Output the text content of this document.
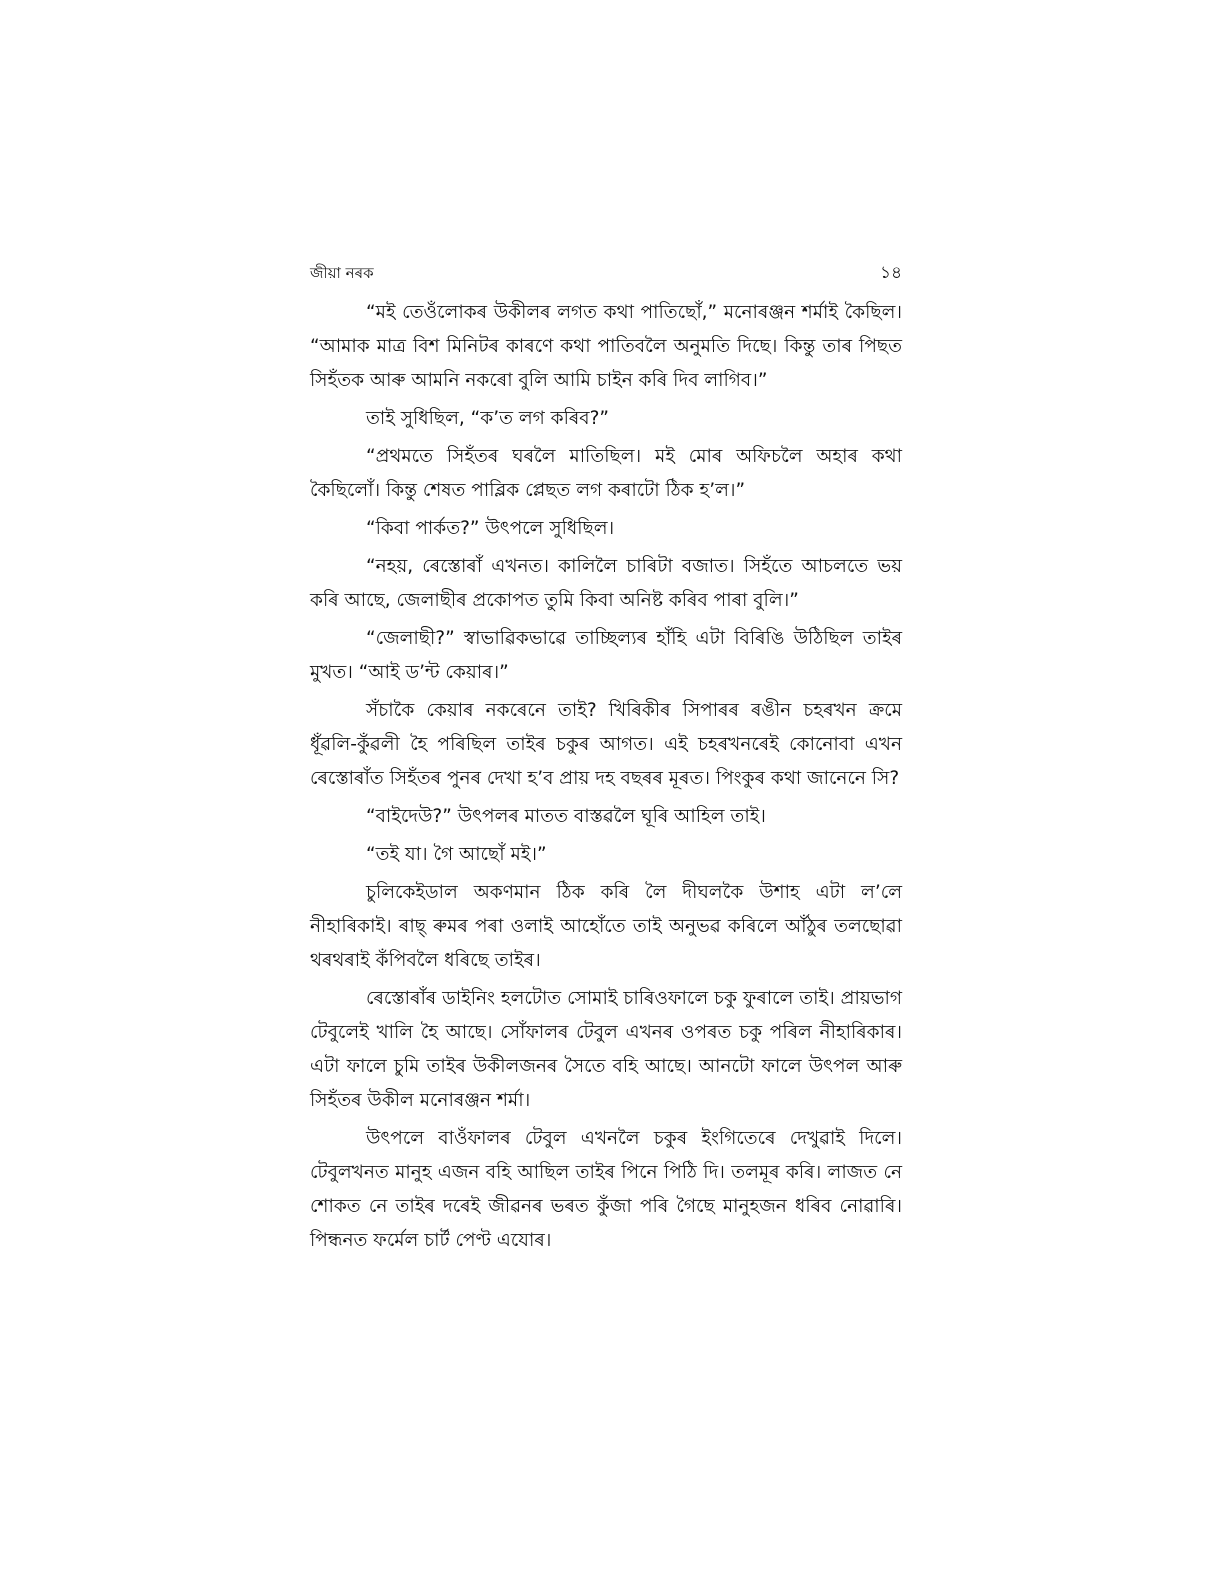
জীয়া নৰক	১৪

“মই তেওঁলোকৰ উকীলৰ লগত কথা পাতিছোঁ,” মনোৰঞ্জন শৰ্মাই কৈছিল। “আমাক মাত্ৰ বিশ মিনিটৰ কাৰণে কথা পাতিবলৈ অনুমতি দিছে। কিন্তু তাৰ পিছত সিহঁতক আৰু আমনি নকৰো বুলি আমি চাইন কৰি দিব লাগিব।”

তাই সুধিছিল, “ক’ত লগ কৰিব?”

“প্ৰথমতে সিহঁতৰ ঘৰলৈ মাতিছিল। মই মোৰ অফিচলৈ অহাৰ কথা কৈছিলোঁ। কিন্তু শেষত পাব্লিক প্লেছত লগ কৰাটো ঠিক হ’ল।”

“কিবা পাৰ্কত?” উৎপলে সুধিছিল।

“নহয়, ৰেস্তোৰাঁ এখনত। কালিলৈ চাৰিটা বজাত। সিহঁতে আচলতে ভয় কৰি আছে, জেলাছীৰ প্ৰকোপত তুমি কিবা অনিষ্ট কৰিব পাৰা বুলি।”

“জেলাছী?” স্বাভাৱিকভাৱে তাচ্ছিল্যৰ হাঁহি এটা বিৰিঙি উঠিছিল তাইৰ মুখত। “আই ড’ন্ট কেয়াৰ।”

সঁচাকৈ কেয়াৰ নকৰেনে তাই? খিৰিকীৰ সিপাৰৰ ৰঙীন চহৰখন ক্ৰমে ধূঁৱলি-কুঁৱলী হৈ পৰিছিল তাইৰ চকুৰ আগত। এই চহৰখনৰেই কোনোবা এখন ৰেস্তোৰাঁত সিহঁতৰ পুনৰ দেখা হ’ব প্ৰায় দহ বছৰৰ মূৰত। পিংকুৰ কথা জানেনে সি?

“বাইদেউ?” উৎপলৰ মাতত বাস্তৱলৈ ঘূৰি আহিল তাই।

“তই যা। গৈ আছোঁ মই।”

চুলিকেইডাল অকণমান ঠিক কৰি লৈ দীঘলকৈ উশাহ এটা ল’লে নীহাৰিকাই। ৰাছ্ ৰুমৰ পৰা ওলাই আহোঁতে তাই অনুভৱ কৰিলে আঁঠুৰ তলছোৱা থৰথৰাই কঁপিবলৈ ধৰিছে তাইৰ।

ৰেস্তোৰাঁৰ ডাইনিং হলটোত সোমাই চাৰিওফালে চকু ফুৰালে তাই। প্ৰায়ভাগ টেবুলেই খালি হৈ আছে। সোঁফালৰ টেবুল এখনৰ ওপৰত চকু পৰিল নীহাৰিকাৰ। এটা ফালে চুমি তাইৰ উকীলজনৰ সৈতে বহি আছে। আনটো ফালে উৎপল আৰু সিহঁতৰ উকীল মনোৰঞ্জন শৰ্মা।

উৎপলে বাওঁফালৰ টেবুল এখনলৈ চকুৰ ইংগিতেৰে দেখুৱাই দিলে। টেবুলখনত মানুহ এজন বহি আছিল তাইৰ পিনে পিঠি দি। তলমূৰ কৰি। লাজত নে শোকত নে তাইৰ দৰেই জীৱনৰ ভৰত কুঁজা পৰি গৈছে মানুহজন ধৰিব নোৱাৰি। পিন্ধনত ফৰ্মেল চাৰ্ট পেণ্ট এযোৰ।
